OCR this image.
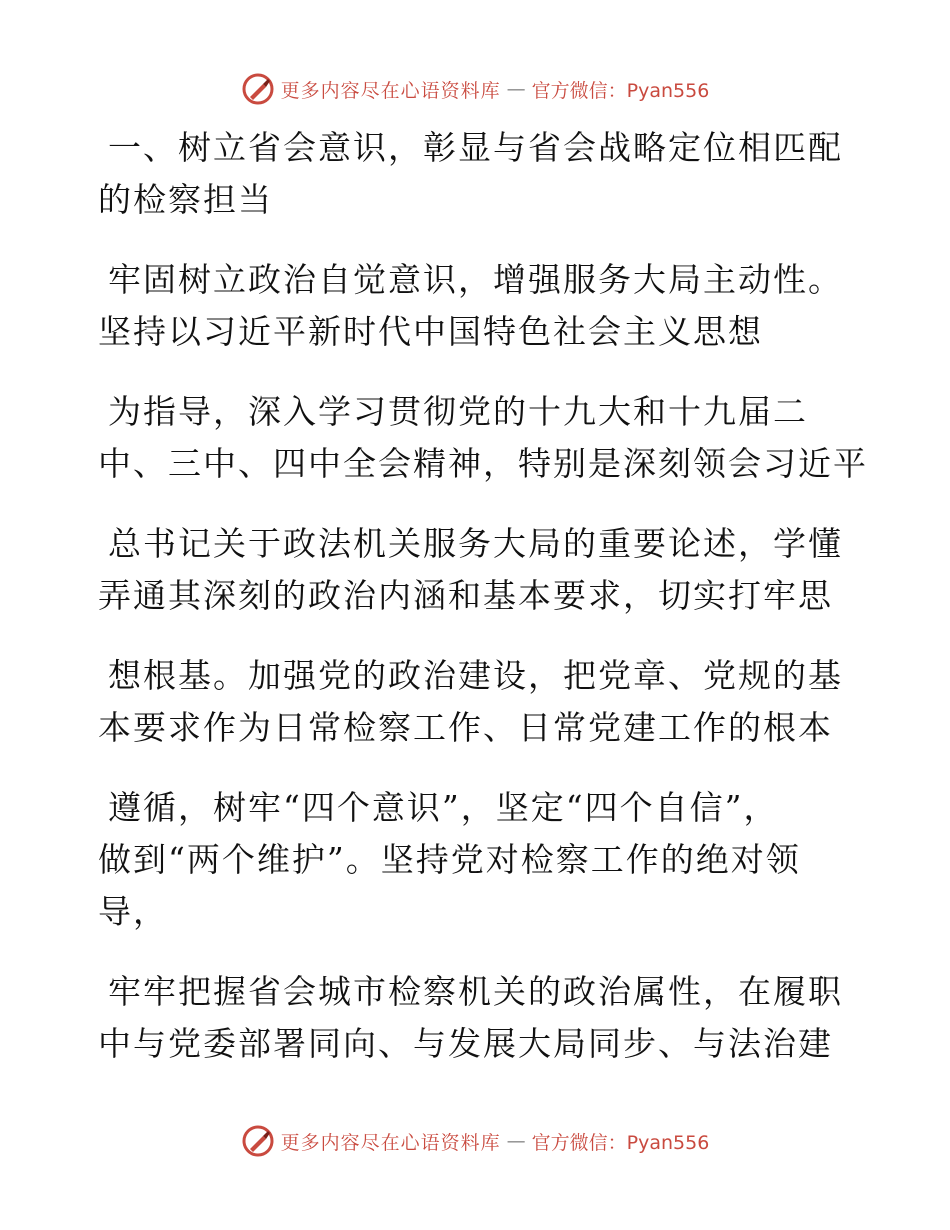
更多内容尽在心语资料库 — 官方微信：Pyan556

一、树立省会意识，彰显与省会战略定位相匹配
的检察担当

牢固树立政治自觉意识，增强服务大局主动性。
坚持以习近平新时代中国特色社会主义思想

为指导，深入学习贯彻党的十九大和十九届二
中、三中、四中全会精神，特别是深刻领会习近平

总书记关于政法机关服务大局的重要论述，学懂
弄通其深刻的政治内涵和基本要求，切实打牢思

想根基。加强党的政治建设，把党章、党规的基
本要求作为日常检察工作、日常党建工作的根本

遵循，树牢“四个意识”，坚定“四个自信”，
做到“两个维护”。坚持党对检察工作的绝对领
导，

牢牢把握省会城市检察机关的政治属性，在履职
中与党委部署同向、与发展大局同步、与法治建

更多内容尽在心语资料库 — 官方微信：Pyan556
